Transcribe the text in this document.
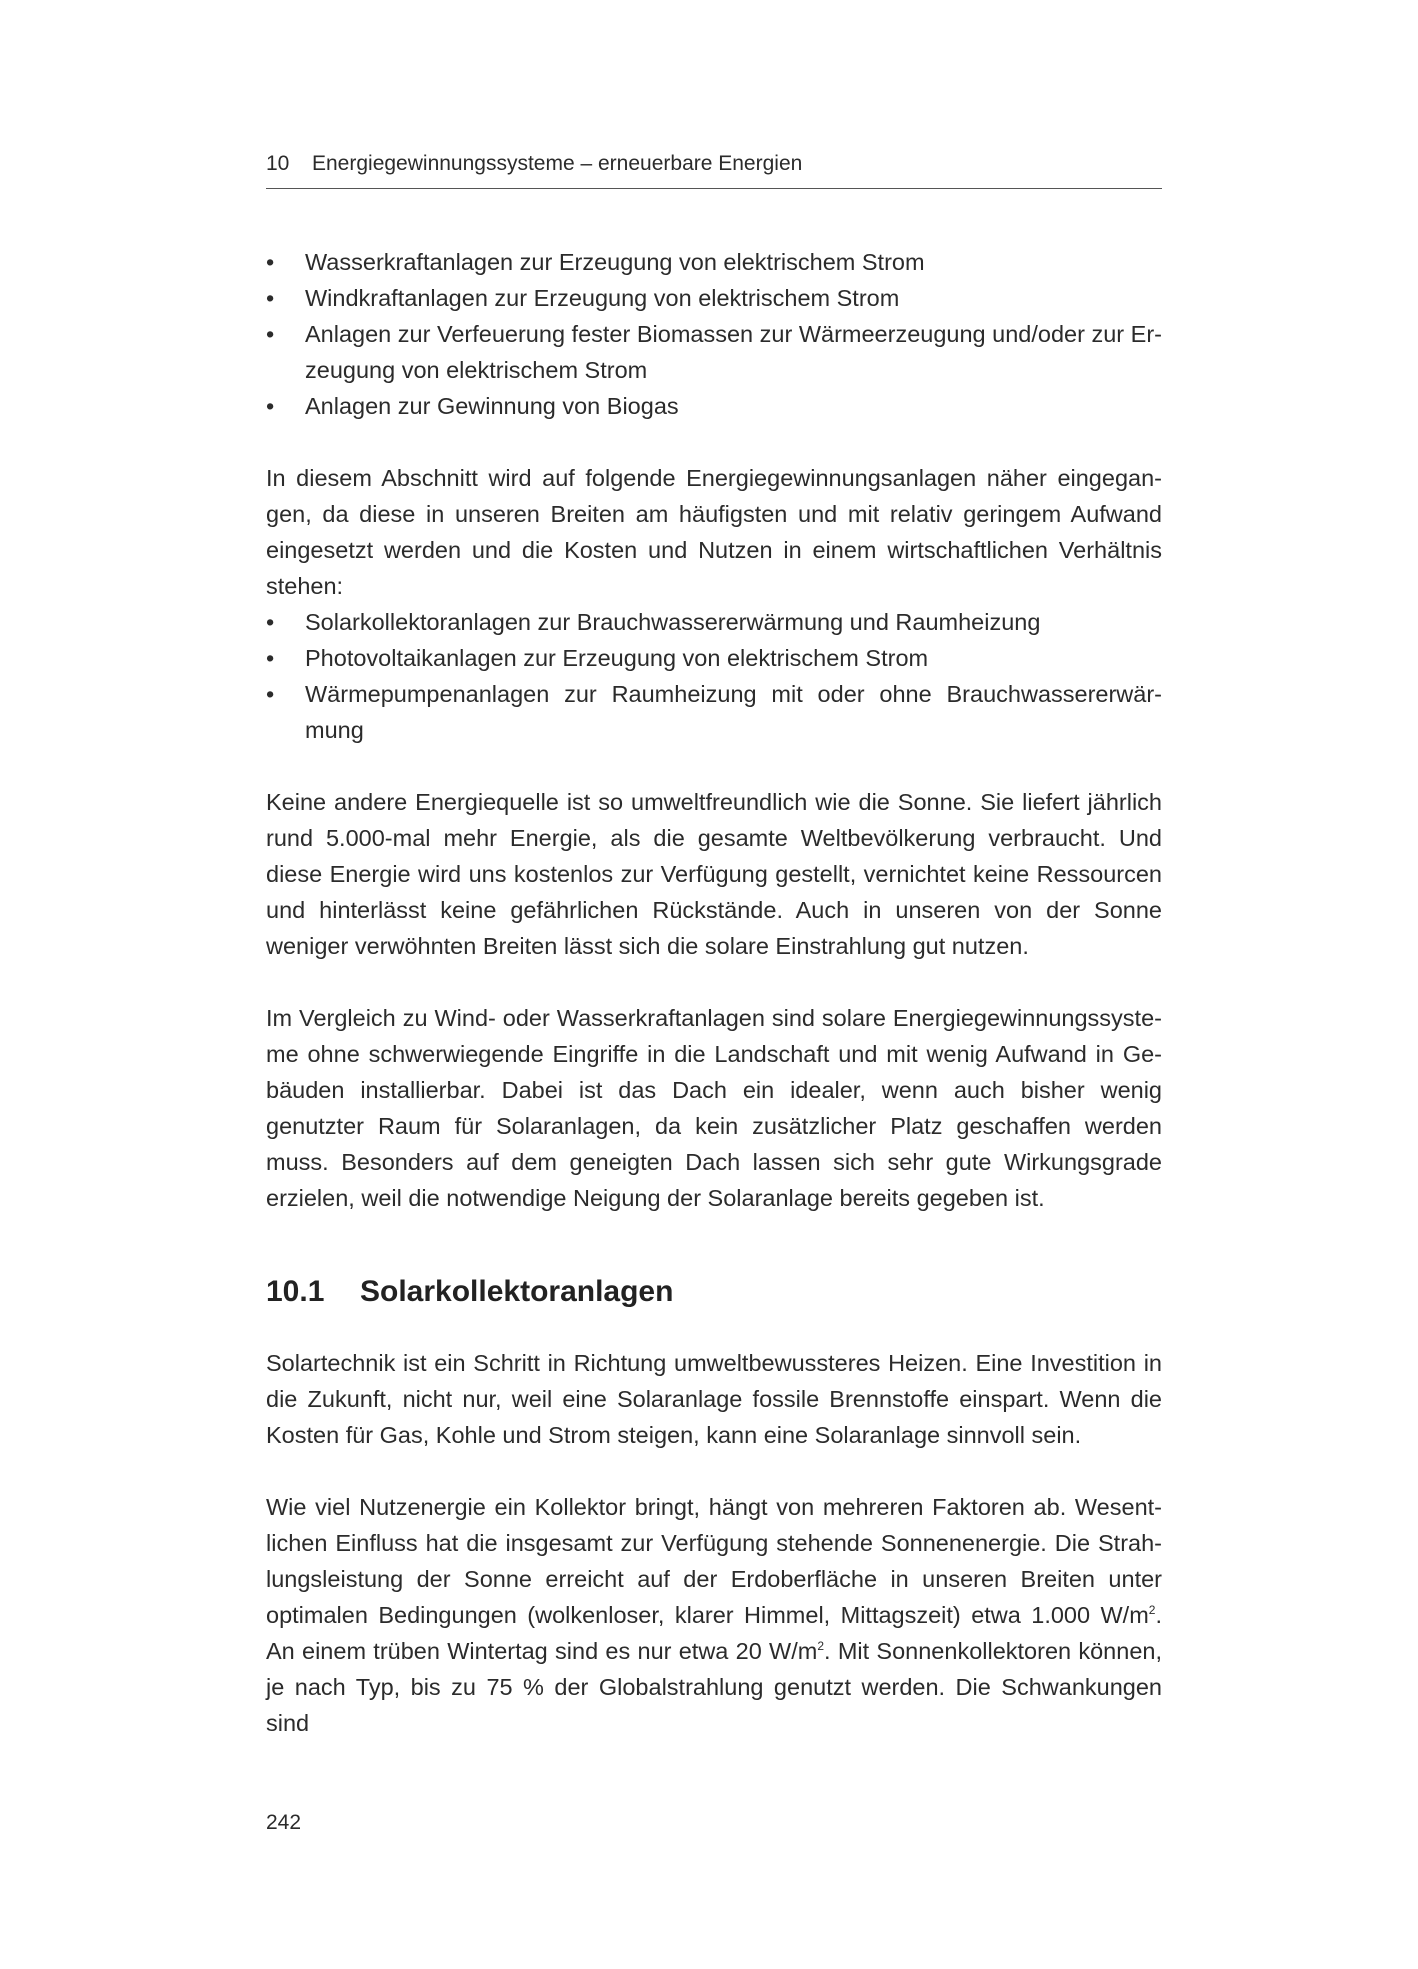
10 Energiegewinnungssysteme – erneuerbare Energien
•	Wasserkraftanlagen zur Erzeugung von elektrischem Strom
•	Windkraftanlagen zur Erzeugung von elektrischem Strom
•	Anlagen zur Verfeuerung fester Biomassen zur Wärmeerzeugung und/oder zur Erzeugung von elektrischem Strom
•	Anlagen zur Gewinnung von Biogas

In diesem Abschnitt wird auf folgende Energiegewinnungsanlagen näher eingegangen, da diese in unseren Breiten am häufigsten und mit relativ geringem Aufwand eingesetzt werden und die Kosten und Nutzen in einem wirtschaftlichen Verhältnis stehen:

•	Solarkollektoranlagen zur Brauchwassererwärmung und Raumheizung
•	Photovoltaikanlagen zur Erzeugung von elektrischem Strom
•	Wärmepumpenanlagen zur Raumheizung mit oder ohne Brauchwassererwärmung

Keine andere Energiequelle ist so umweltfreundlich wie die Sonne. Sie liefert jährlich rund 5.000-mal mehr Energie, als die gesamte Weltbevölkerung verbraucht. Und diese Energie wird uns kostenlos zur Verfügung gestellt, vernichtet keine Ressourcen und hinterlässt keine gefährlichen Rückstände. Auch in unseren von der Sonne weniger verwöhnten Breiten lässt sich die solare Einstrahlung gut nutzen.

Im Vergleich zu Wind- oder Wasserkraftanlagen sind solare Energiegewinnungssysteme ohne schwerwiegende Eingriffe in die Landschaft und mit wenig Aufwand in Gebäuden installierbar. Dabei ist das Dach ein idealer, wenn auch bisher wenig genutzter Raum für Solaranlagen, da kein zusätzlicher Platz geschaffen werden muss. Besonders auf dem geneigten Dach lassen sich sehr gute Wirkungsgrade erzielen, weil die notwendige Neigung der Solaranlage bereits gegeben ist.

10.1 Solarkollektoranlagen

Solartechnik ist ein Schritt in Richtung umweltbewussteres Heizen. Eine Investition in die Zukunft, nicht nur, weil eine Solaranlage fossile Brennstoffe einspart. Wenn die Kosten für Gas, Kohle und Strom steigen, kann eine Solaranlage sinnvoll sein.

Wie viel Nutzenergie ein Kollektor bringt, hängt von mehreren Faktoren ab. Wesentlichen Einfluss hat die insgesamt zur Verfügung stehende Sonnenenergie. Die Strahlungsleistung der Sonne erreicht auf der Erdoberfläche in unseren Breiten unter optimalen Bedingungen (wolkenloser, klarer Himmel, Mittagszeit) etwa 1.000 $W/m^2$. An einem trüben Wintertag sind es nur etwa 20 $W/m^2$. Mit Sonnenkollektoren können, je nach Typ, bis zu 75 % der Globalstrahlung genutzt werden. Die Schwankungen sind

242
